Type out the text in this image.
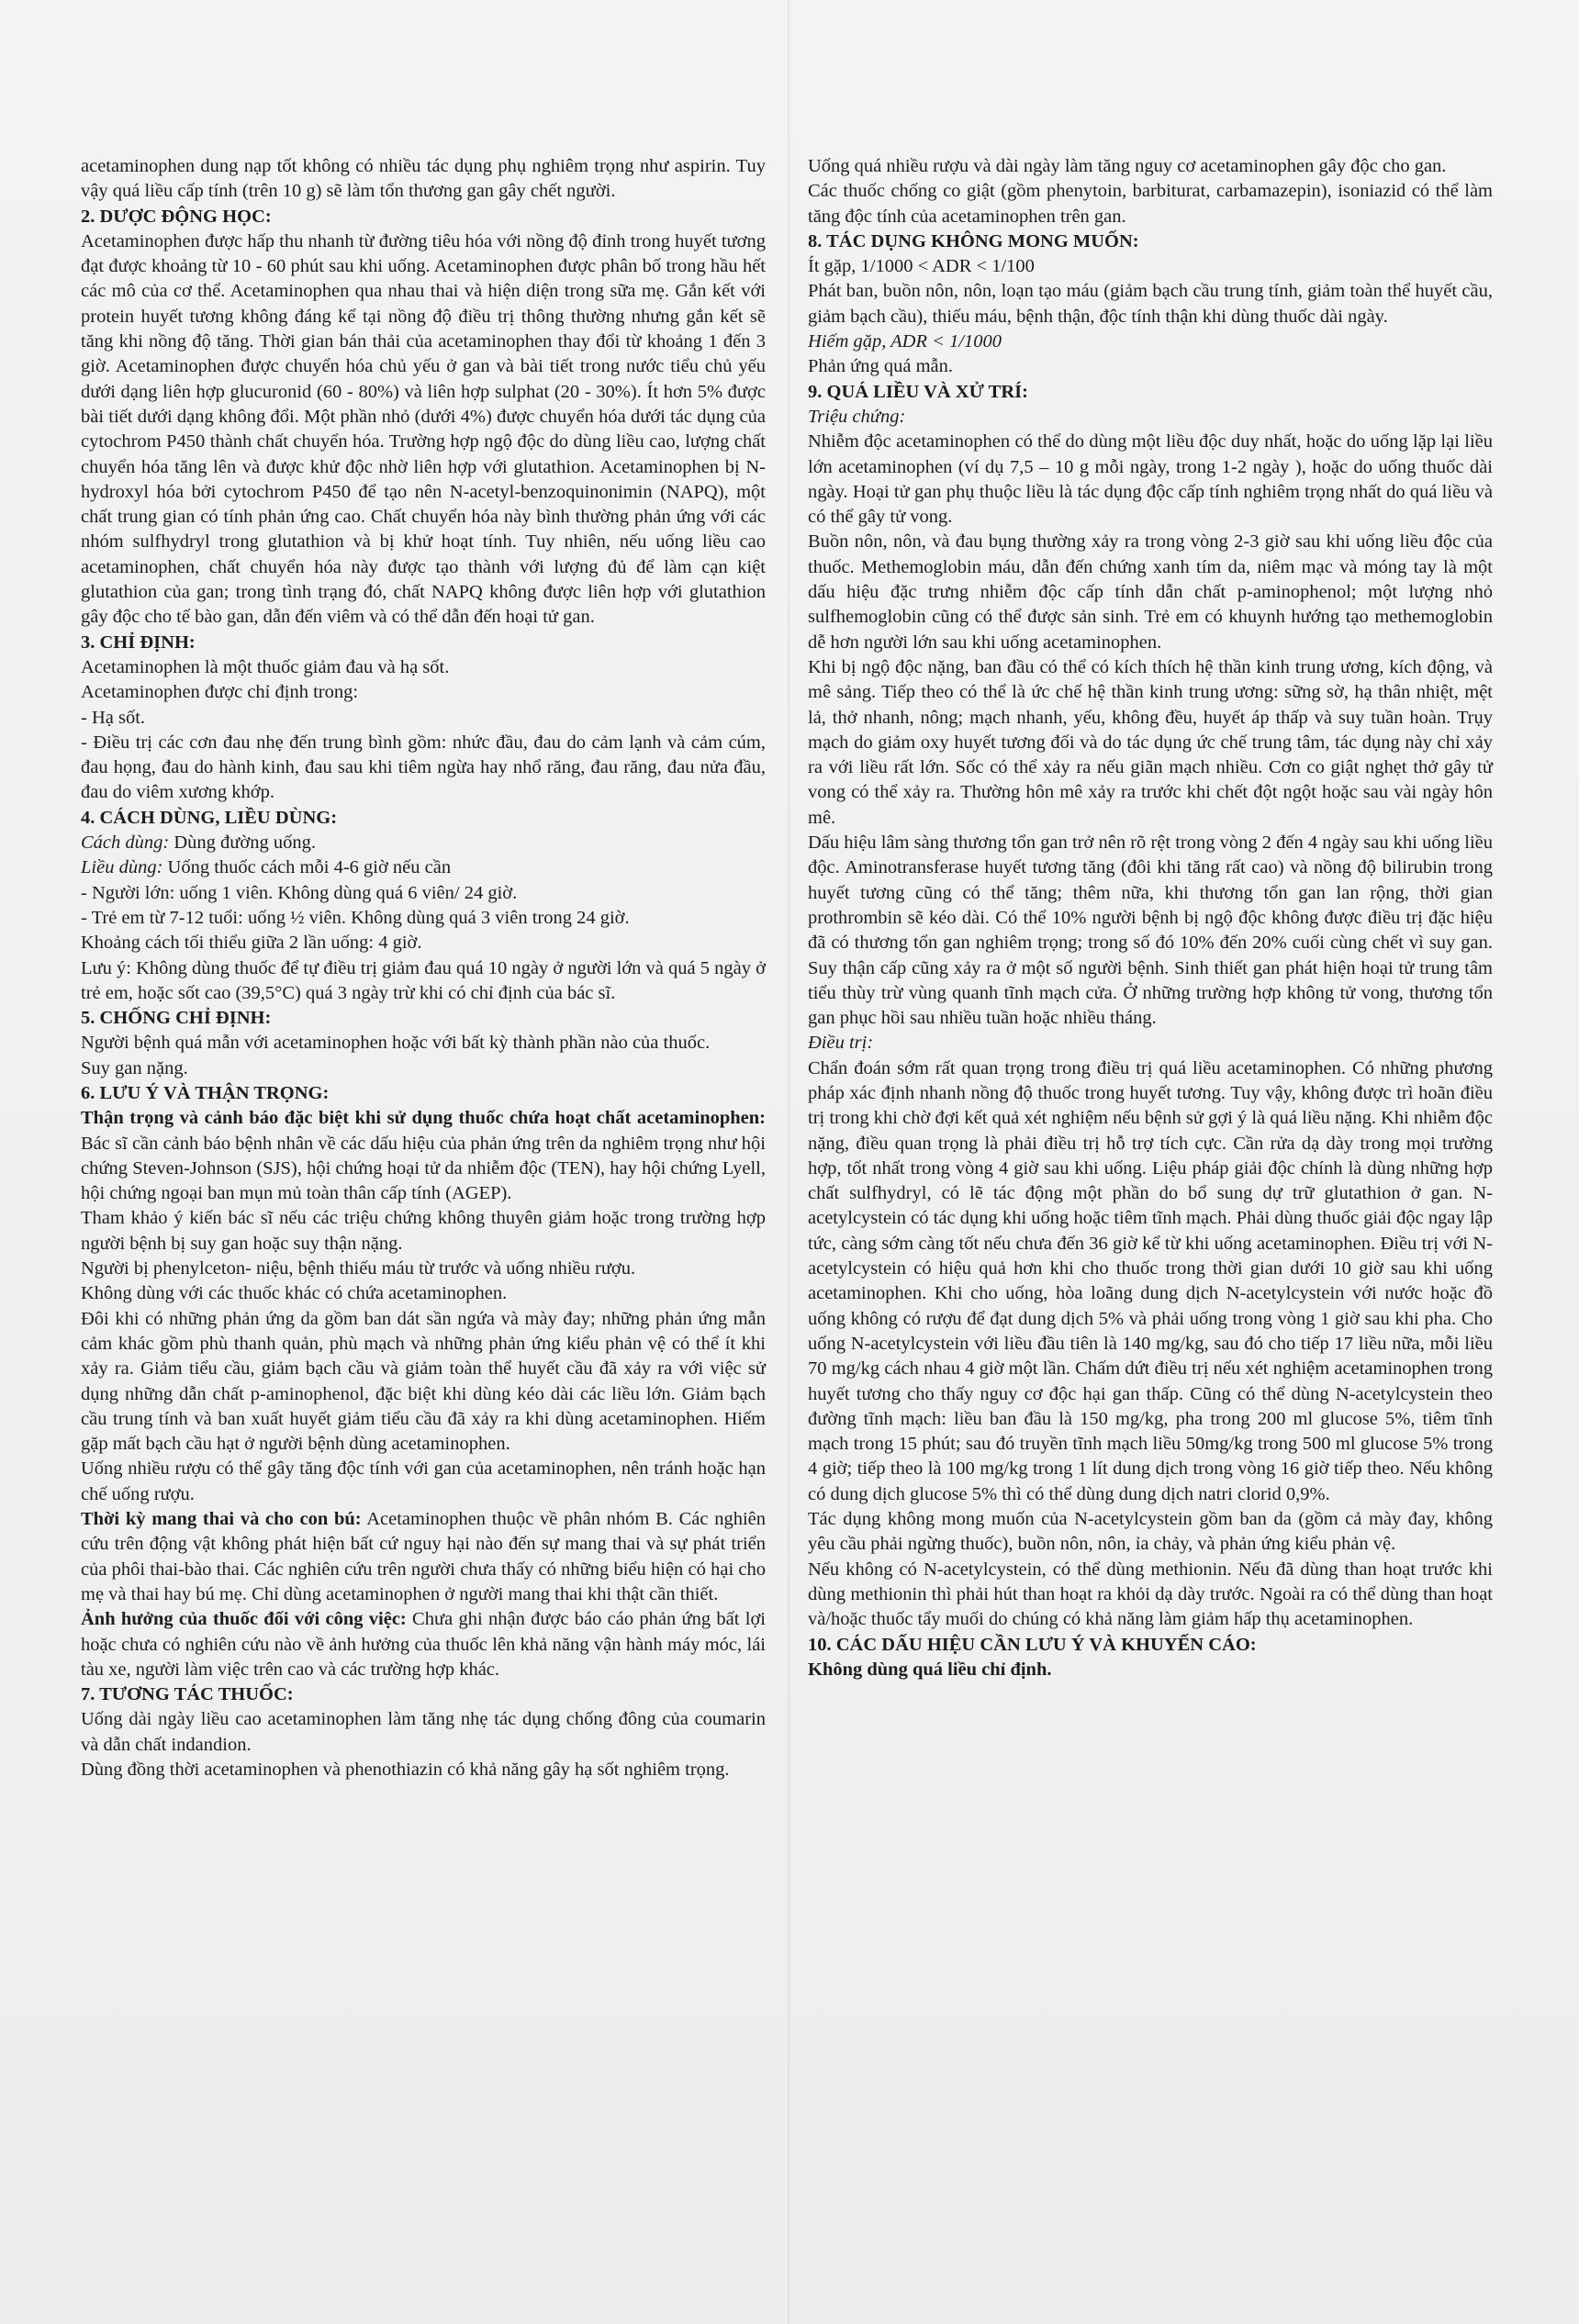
acetaminophen dung nạp tốt không có nhiều tác dụng phụ nghiêm trọng như aspirin. Tuy vậy quá liều cấp tính (trên 10 g) sẽ làm tổn thương gan gây chết người.

2. DƯỢC ĐỘNG HỌC:

Acetaminophen được hấp thu nhanh từ đường tiêu hóa với nồng độ đỉnh trong huyết tương đạt được khoảng từ 10 - 60 phút sau khi uống. Acetaminophen được phân bố trong hầu hết các mô của cơ thể. Acetaminophen qua nhau thai và hiện diện trong sữa mẹ. Gắn kết với protein huyết tương không đáng kể tại nồng độ điều trị thông thường nhưng gắn kết sẽ tăng khi nồng độ tăng. Thời gian bán thải của acetaminophen thay đổi từ khoảng 1 đến 3 giờ. Acetaminophen được chuyển hóa chủ yếu ở gan và bài tiết trong nước tiểu chủ yếu dưới dạng liên hợp glucuronid (60 - 80%) và liên hợp sulphat (20 - 30%). Ít hơn 5% được bài tiết dưới dạng không đổi. Một phần nhỏ (dưới 4%) được chuyển hóa dưới tác dụng của cytochrom P450 thành chất chuyển hóa. Trường hợp ngộ độc do dùng liều cao, lượng chất chuyển hóa tăng lên và được khử độc nhờ liên hợp với glutathion. Acetaminophen bị N-hydroxyl hóa bởi cytochrom P450 để tạo nên N-acetyl-benzoquinonimin (NAPQ), một chất trung gian có tính phản ứng cao. Chất chuyển hóa này bình thường phản ứng với các nhóm sulfhydryl trong glutathion và bị khử hoạt tính. Tuy nhiên, nếu uống liều cao acetaminophen, chất chuyển hóa này được tạo thành với lượng đủ để làm cạn kiệt glutathion của gan; trong tình trạng đó, chất NAPQ không được liên hợp với glutathion gây độc cho tế bào gan, dẫn đến viêm và có thể dẫn đến hoại tử gan.

3. CHỈ ĐỊNH:

Acetaminophen là một thuốc giảm đau và hạ sốt.

Acetaminophen được chỉ định trong:

- Hạ sốt.

- Điều trị các cơn đau nhẹ đến trung bình gồm: nhức đầu, đau do cảm lạnh và cảm cúm, đau họng, đau do hành kinh, đau sau khi tiêm ngừa hay nhổ răng, đau răng, đau nửa đầu, đau do viêm xương khớp.

4. CÁCH DÙNG, LIỀU DÙNG:

Cách dùng: Dùng đường uống.

Liều dùng: Uống thuốc cách mỗi 4-6 giờ nếu cần

- Người lớn: uống 1 viên. Không dùng quá 6 viên/ 24 giờ.

- Trẻ em từ 7-12 tuổi: uống ½ viên. Không dùng quá 3 viên trong 24 giờ.

Khoảng cách tối thiểu giữa 2 lần uống: 4 giờ.

Lưu ý: Không dùng thuốc để tự điều trị giảm đau quá 10 ngày ở người lớn và quá 5 ngày ở trẻ em, hoặc sốt cao (39,5°C) quá 3 ngày trừ khi có chỉ định của bác sĩ.

5. CHỐNG CHỈ ĐỊNH:

Người bệnh quá mẫn với acetaminophen hoặc với bất kỳ thành phần nào của thuốc.

Suy gan nặng.

6. LƯU Ý VÀ THẬN TRỌNG:

Thận trọng và cảnh báo đặc biệt khi sử dụng thuốc chứa hoạt chất acetaminophen: Bác sĩ cần cảnh báo bệnh nhân về các dấu hiệu của phản ứng trên da nghiêm trọng như hội chứng Steven-Johnson (SJS), hội chứng hoại tử da nhiễm độc (TEN), hay hội chứng Lyell, hội chứng ngoại ban mụn mủ toàn thân cấp tính (AGEP).

Tham khảo ý kiến bác sĩ nếu các triệu chứng không thuyên giảm hoặc trong trường hợp người bệnh bị suy gan hoặc suy thận nặng.

Người bị phenylceton- niệu, bệnh thiếu máu từ trước và uống nhiều rượu.

Không dùng với các thuốc khác có chứa acetaminophen.

Đôi khi có những phản ứng da gồm ban dát sần ngứa và mày đay; những phản ứng mẫn cảm khác gồm phù thanh quản, phù mạch và những phản ứng kiểu phản vệ có thể ít khi xảy ra. Giảm tiểu cầu, giảm bạch cầu và giảm toàn thể huyết cầu đã xảy ra với việc sử dụng những dẫn chất p-aminophenol, đặc biệt khi dùng kéo dài các liều lớn. Giảm bạch cầu trung tính và ban xuất huyết giảm tiểu cầu đã xảy ra khi dùng acetaminophen. Hiếm gặp mất bạch cầu hạt ở người bệnh dùng acetaminophen.

Uống nhiều rượu có thể gây tăng độc tính với gan của acetaminophen, nên tránh hoặc hạn chế uống rượu.

Thời kỳ mang thai và cho con bú: Acetaminophen thuộc về phân nhóm B. Các nghiên cứu trên động vật không phát hiện bất cứ nguy hại nào đến sự mang thai và sự phát triển của phôi thai-bào thai. Các nghiên cứu trên người chưa thấy có những biểu hiện có hại cho mẹ và thai hay bú mẹ. Chỉ dùng acetaminophen ở người mang thai khi thật cần thiết.

Ảnh hưởng của thuốc đối với công việc: Chưa ghi nhận được báo cáo phản ứng bất lợi hoặc chưa có nghiên cứu nào về ảnh hưởng của thuốc lên khả năng vận hành máy móc, lái tàu xe, người làm việc trên cao và các trường hợp khác.

7. TƯƠNG TÁC THUỐC:

Uống dài ngày liều cao acetaminophen làm tăng nhẹ tác dụng chống đông của coumarin và dẫn chất indandion.

Dùng đồng thời acetaminophen và phenothiazin có khả năng gây hạ sốt nghiêm trọng.

Uống quá nhiều rượu và dài ngày làm tăng nguy cơ acetaminophen gây độc cho gan.

Các thuốc chống co giật (gồm phenytoin, barbiturat, carbamazepin), isoniazid có thể làm tăng độc tính của acetaminophen trên gan.

8. TÁC DỤNG KHÔNG MONG MUỐN:

Ít gặp, 1/1000 < ADR < 1/100

Phát ban, buồn nôn, nôn, loạn tạo máu (giảm bạch cầu trung tính, giảm toàn thể huyết cầu, giảm bạch cầu), thiếu máu, bệnh thận, độc tính thận khi dùng thuốc dài ngày.

Hiếm gặp, ADR < 1/1000

Phản ứng quá mẫn.

9. QUÁ LIỀU VÀ XỬ TRÍ:

Triệu chứng:

Nhiễm độc acetaminophen có thể do dùng một liều độc duy nhất, hoặc do uống lặp lại liều lớn acetaminophen (ví dụ 7,5 – 10 g mỗi ngày, trong 1-2 ngày ), hoặc do uống thuốc dài ngày. Hoại tử gan phụ thuộc liều là tác dụng độc cấp tính nghiêm trọng nhất do quá liều và có thể gây tử vong.

Buồn nôn, nôn, và đau bụng thường xảy ra trong vòng 2-3 giờ sau khi uống liều độc của thuốc. Methemoglobin máu, dẫn đến chứng xanh tím da, niêm mạc và móng tay là một dấu hiệu đặc trưng nhiễm độc cấp tính dẫn chất p-aminophenol; một lượng nhỏ sulfhemoglobin cũng có thể được sản sinh. Trẻ em có khuynh hướng tạo methemoglobin dễ hơn người lớn sau khi uống acetaminophen.

Khi bị ngộ độc nặng, ban đầu có thể có kích thích hệ thần kinh trung ương, kích động, và mê sảng. Tiếp theo có thể là ức chế hệ thần kinh trung ương: sững sờ, hạ thân nhiệt, mệt lả, thở nhanh, nông; mạch nhanh, yếu, không đều, huyết áp thấp và suy tuần hoàn. Trụy mạch do giảm oxy huyết tương đối và do tác dụng ức chế trung tâm, tác dụng này chỉ xảy ra với liều rất lớn. Sốc có thể xảy ra nếu giãn mạch nhiều. Cơn co giật nghẹt thở gây tử vong có thể xảy ra. Thường hôn mê xảy ra trước khi chết đột ngột hoặc sau vài ngày hôn mê.

Dấu hiệu lâm sàng thương tổn gan trở nên rõ rệt trong vòng 2 đến 4 ngày sau khi uống liều độc. Aminotransferase huyết tương tăng (đôi khi tăng rất cao) và nồng độ bilirubin trong huyết tương cũng có thể tăng; thêm nữa, khi thương tổn gan lan rộng, thời gian prothrombin sẽ kéo dài. Có thể 10% người bệnh bị ngộ độc không được điều trị đặc hiệu đã có thương tổn gan nghiêm trọng; trong số đó 10% đến 20% cuối cùng chết vì suy gan. Suy thận cấp cũng xảy ra ở một số người bệnh. Sinh thiết gan phát hiện hoại tử trung tâm tiểu thùy trừ vùng quanh tĩnh mạch cửa. Ở những trường hợp không tử vong, thương tổn gan phục hồi sau nhiều tuần hoặc nhiều tháng.

Điều trị:

Chẩn đoán sớm rất quan trọng trong điều trị quá liều acetaminophen. Có những phương pháp xác định nhanh nồng độ thuốc trong huyết tương. Tuy vậy, không được trì hoãn điều trị trong khi chờ đợi kết quả xét nghiệm nếu bệnh sử gợi ý là quá liều nặng. Khi nhiễm độc nặng, điều quan trọng là phải điều trị hỗ trợ tích cực. Cần rửa dạ dày trong mọi trường hợp, tốt nhất trong vòng 4 giờ sau khi uống. Liệu pháp giải độc chính là dùng những hợp chất sulfhydryl, có lẽ tác động một phần do bổ sung dự trữ glutathion ở gan. N-acetylcystein có tác dụng khi uống hoặc tiêm tĩnh mạch. Phải dùng thuốc giải độc ngay lập tức, càng sớm càng tốt nếu chưa đến 36 giờ kể từ khi uống acetaminophen. Điều trị với N-acetylcystein có hiệu quả hơn khi cho thuốc trong thời gian dưới 10 giờ sau khi uống acetaminophen. Khi cho uống, hòa loãng dung dịch N-acetylcystein với nước hoặc đồ uống không có rượu để đạt dung dịch 5% và phải uống trong vòng 1 giờ sau khi pha. Cho uống N-acetylcystein với liều đầu tiên là 140 mg/kg, sau đó cho tiếp 17 liều nữa, mỗi liều 70 mg/kg cách nhau 4 giờ một lần. Chấm dứt điều trị nếu xét nghiệm acetaminophen trong huyết tương cho thấy nguy cơ độc hại gan thấp. Cũng có thể dùng N-acetylcystein theo đường tĩnh mạch: liều ban đầu là 150 mg/kg, pha trong 200 ml glucose 5%, tiêm tĩnh mạch trong 15 phút; sau đó truyền tĩnh mạch liều 50mg/kg trong 500 ml glucose 5% trong 4 giờ; tiếp theo là 100 mg/kg trong 1 lít dung dịch trong vòng 16 giờ tiếp theo. Nếu không có dung dịch glucose 5% thì có thể dùng dung dịch natri clorid 0,9%.

Tác dụng không mong muốn của N-acetylcystein gồm ban da (gồm cả mày đay, không yêu cầu phải ngừng thuốc), buồn nôn, nôn, ỉa chảy, và phản ứng kiểu phản vệ.

Nếu không có N-acetylcystein, có thể dùng methionin. Nếu đã dùng than hoạt trước khi dùng methionin thì phải hút than hoạt ra khỏi dạ dày trước. Ngoài ra có thể dùng than hoạt và/hoặc thuốc tẩy muối do chúng có khả năng làm giảm hấp thụ acetaminophen.

10. CÁC DẤU HIỆU CẦN LƯU Ý VÀ KHUYẾN CÁO:

Không dùng quá liều chỉ định.
